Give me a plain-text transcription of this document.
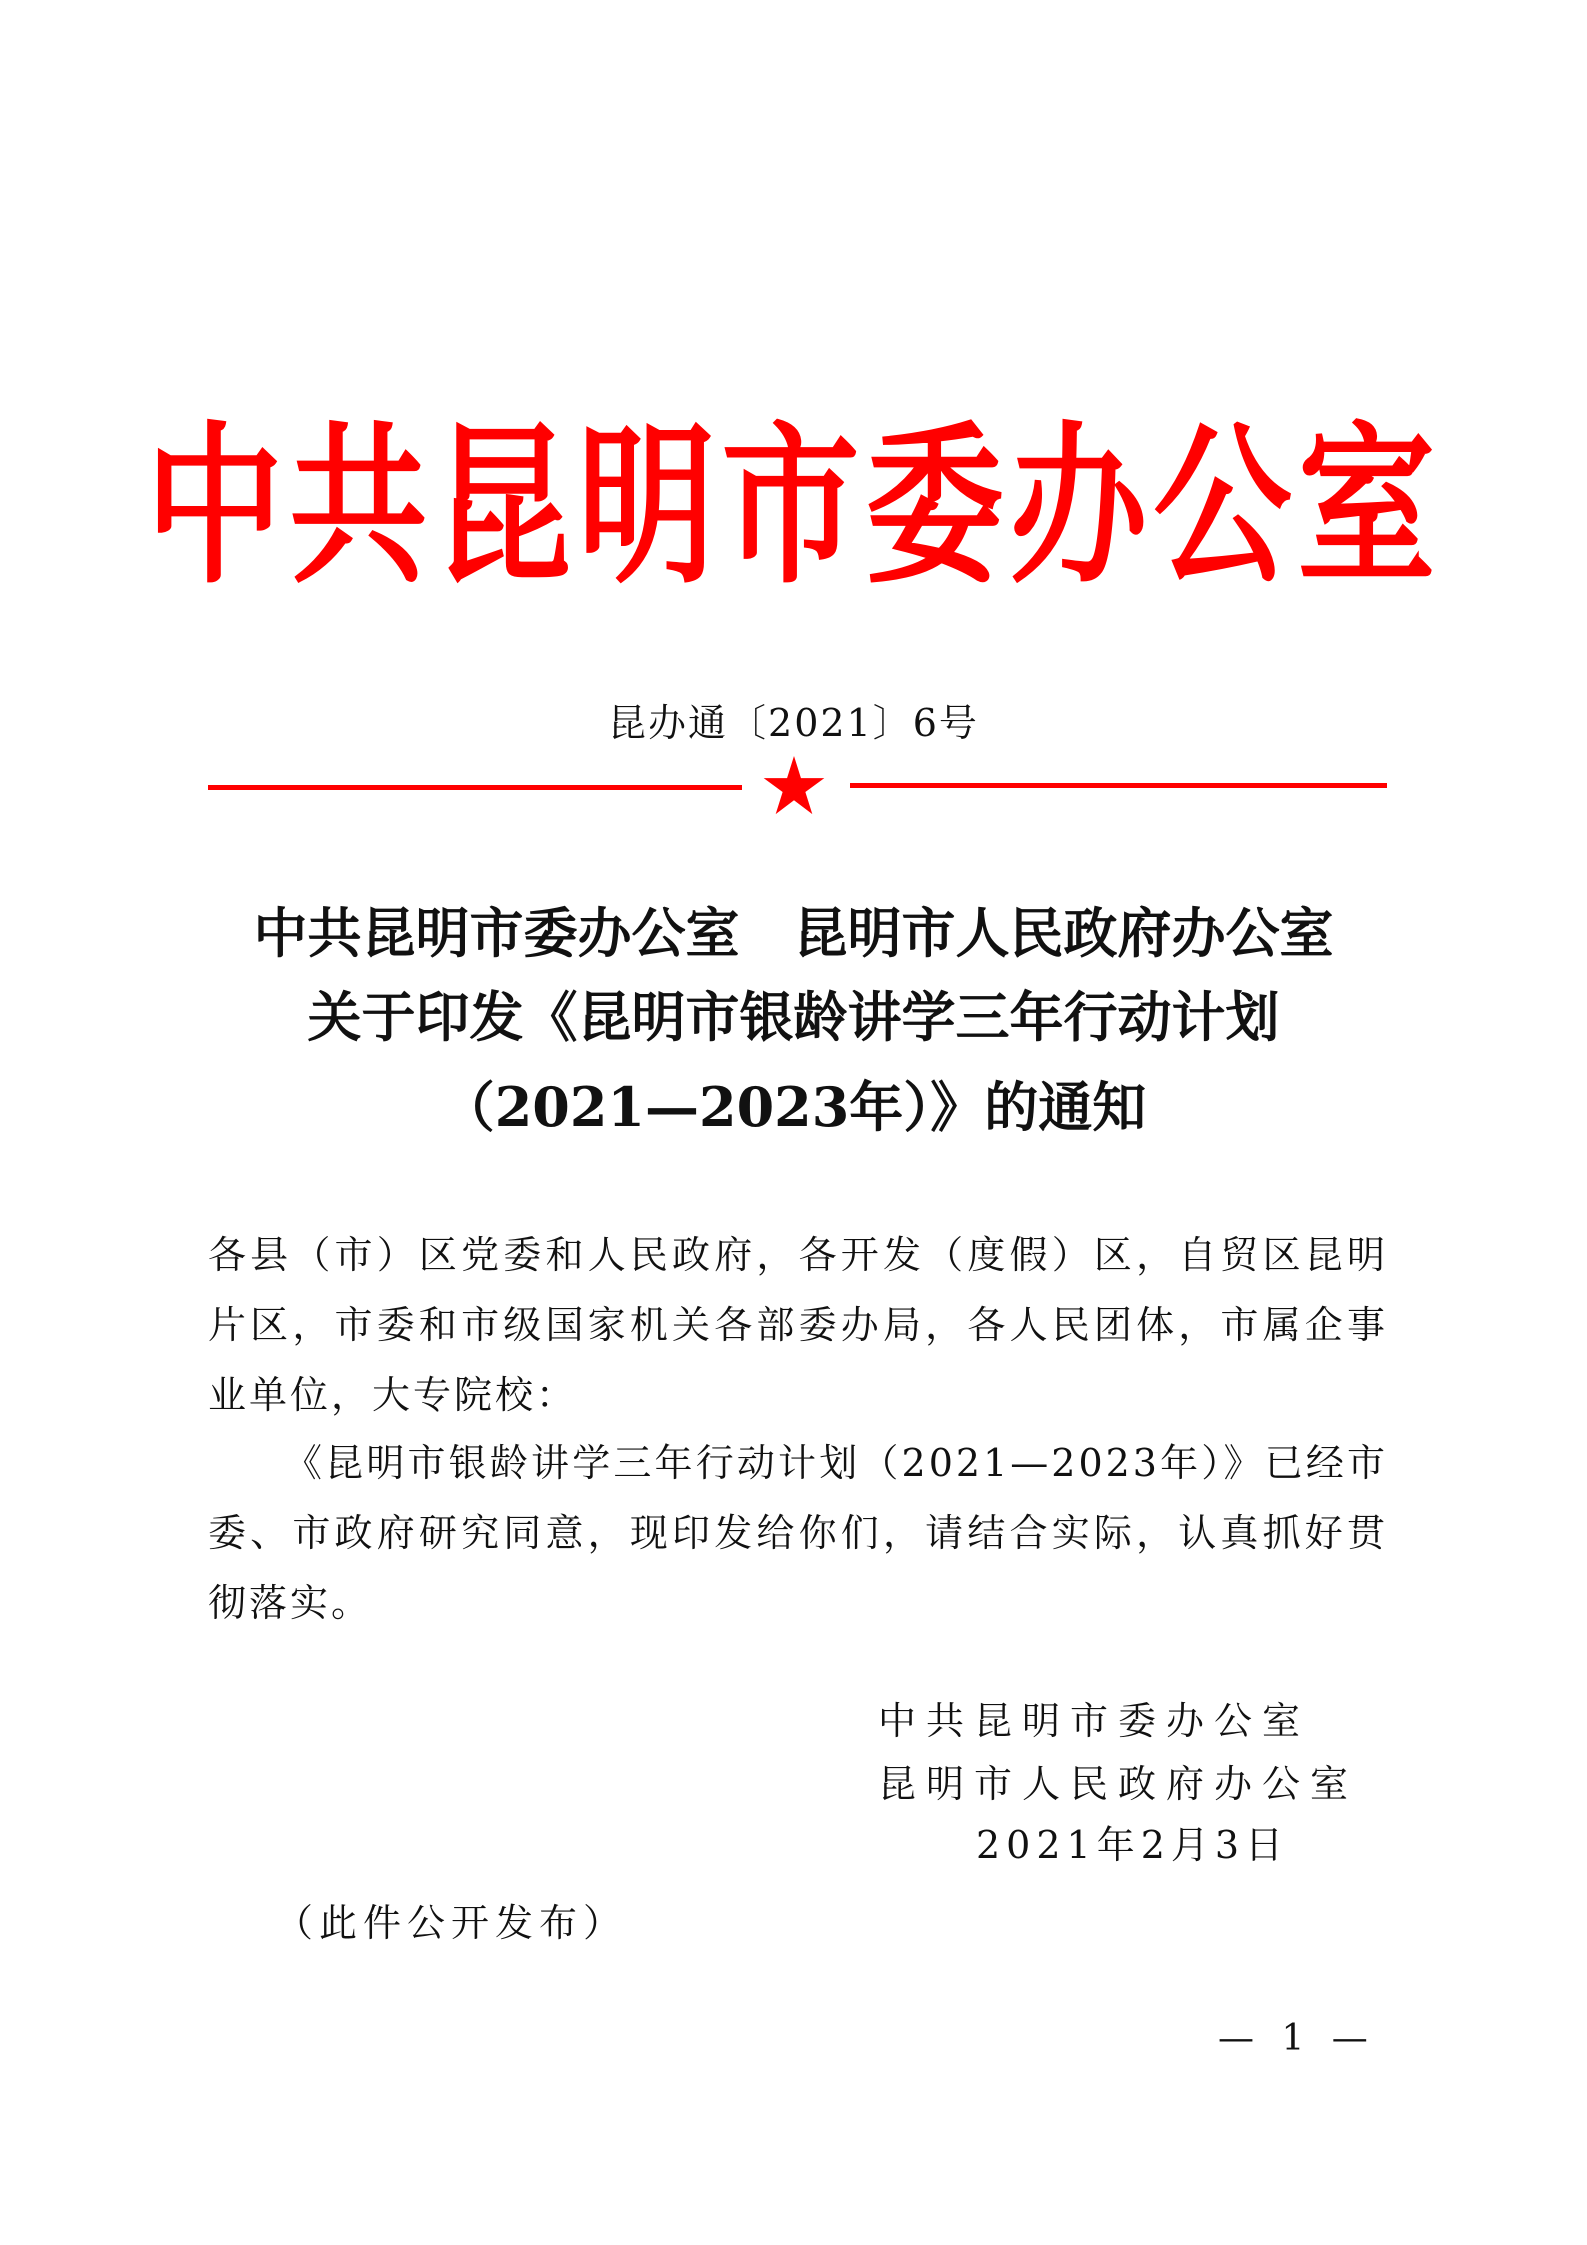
中共昆明市委办公室
昆办通〔2021〕6号
中共昆明市委办公室　昆明市人民政府办公室
关于印发《昆明市银龄讲学三年行动计划
（2021—2023年）》的通知
各县（市）区党委和人民政府，各开发（度假）区，自贸区昆明片区，市委和市级国家机关各部委办局，各人民团体，市属企事业单位，大专院校：
《昆明市银龄讲学三年行动计划（2021—2023年）》已经市委、市政府研究同意，现印发给你们，请结合实际，认真抓好贯彻落实。
中共昆明市委办公室
昆明市人民政府办公室
2021年2月3日
（此件公开发布）
— 1 —
